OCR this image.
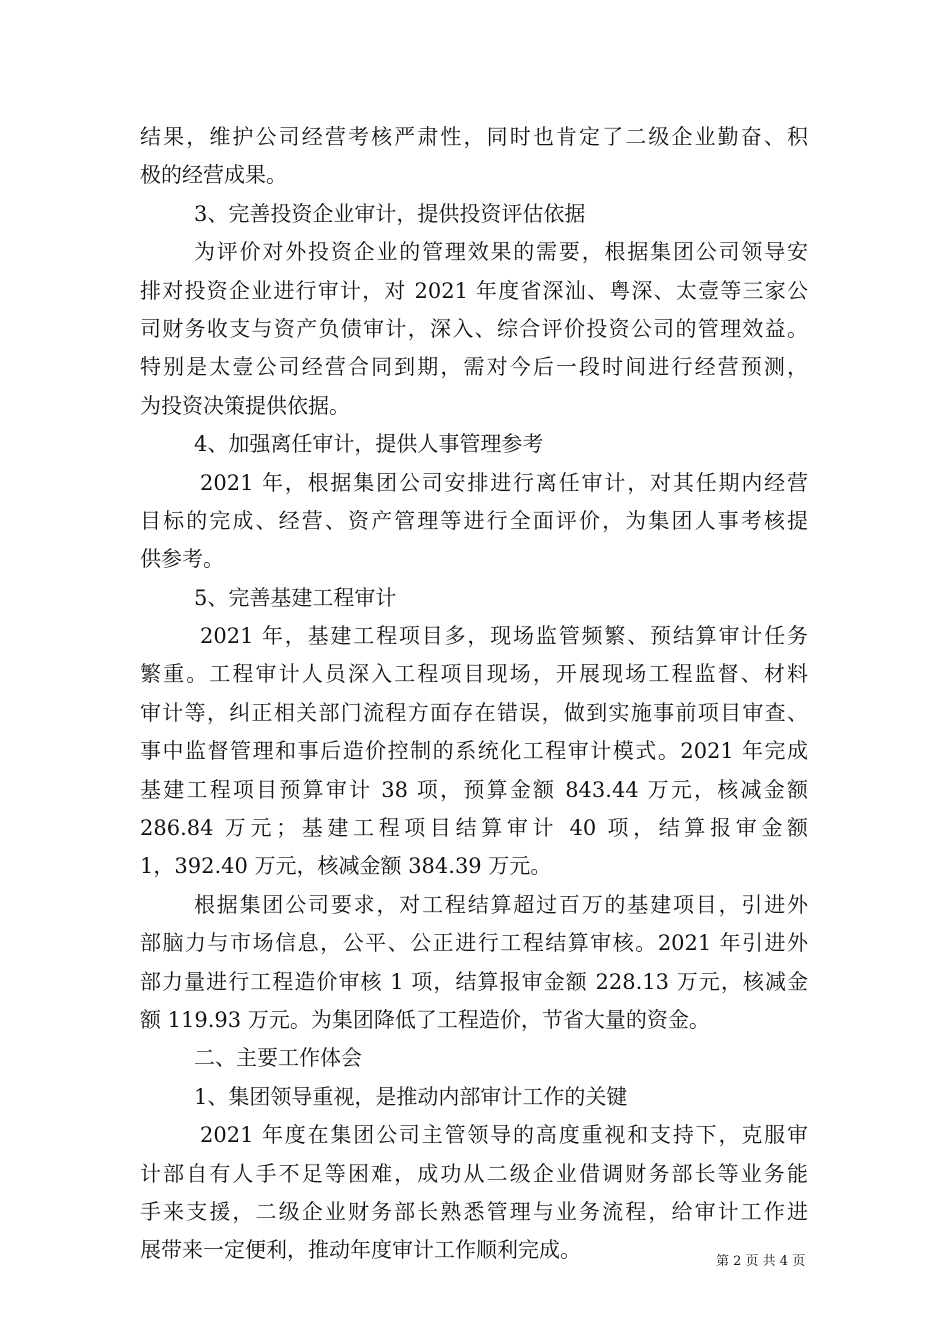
结果，维护公司经营考核严肃性，同时也肯定了二级企业勤奋、积
极的经营成果。
3、完善投资企业审计，提供投资评估依据
为评价对外投资企业的管理效果的需要，根据集团公司领导安
排对投资企业进行审计，对 2021 年度省深汕、粤深、太壹等三家公
司财务收支与资产负债审计，深入、综合评价投资公司的管理效益。
特别是太壹公司经营合同到期，需对今后一段时间进行经营预测，
为投资决策提供依据。
4、加强离任审计，提供人事管理参考
2021 年，根据集团公司安排进行离任审计，对其任期内经营
目标的完成、经营、资产管理等进行全面评价，为集团人事考核提
供参考。
5、完善基建工程审计
2021 年，基建工程项目多，现场监管频繁、预结算审计任务
繁重。工程审计人员深入工程项目现场，开展现场工程监督、材料
审计等，纠正相关部门流程方面存在错误，做到实施事前项目审查、
事中监督管理和事后造价控制的系统化工程审计模式。2021 年完成
基建工程项目预算审计 38 项，预算金额 843.44 万元，核减金额
286.84 万元；基建工程项目结算审计 40 项，结算报审金额
1，392.40 万元，核减金额 384.39 万元。
根据集团公司要求，对工程结算超过百万的基建项目，引进外
部脑力与市场信息，公平、公正进行工程结算审核。2021 年引进外
部力量进行工程造价审核 1 项，结算报审金额 228.13 万元，核减金
额 119.93 万元。为集团降低了工程造价，节省大量的资金。
二、主要工作体会
1、集团领导重视，是推动内部审计工作的关键
2021 年度在集团公司主管领导的高度重视和支持下，克服审
计部自有人手不足等困难，成功从二级企业借调财务部长等业务能
手来支援，二级企业财务部长熟悉管理与业务流程，给审计工作进
展带来一定便利，推动年度审计工作顺利完成。	第 2 页 共 4 页
